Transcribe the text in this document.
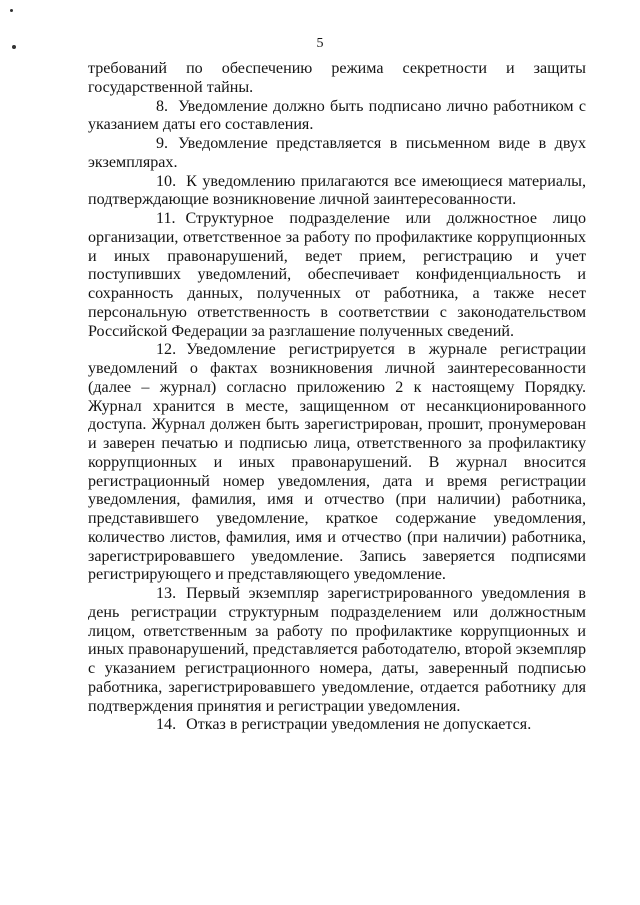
5

требований по обеспечению режима секретности и защиты государственной тайны.

8. Уведомление должно быть подписано лично работником с указанием даты его составления.

9. Уведомление представляется в письменном виде в двух экземплярах.

10. К уведомлению прилагаются все имеющиеся материалы, подтверждающие возникновение личной заинтересованности.

11. Структурное подразделение или должностное лицо организации, ответственное за работу по профилактике коррупционных и иных правонарушений, ведет прием, регистрацию и учет поступивших уведомлений, обеспечивает конфиденциальность и сохранность данных, полученных от работника, а также несет персональную ответственность в соответствии с законодательством Российской Федерации за разглашение полученных сведений.

12. Уведомление регистрируется в журнале регистрации уведомлений о фактах возникновения личной заинтересованности (далее – журнал) согласно приложению 2 к настоящему Порядку. Журнал хранится в месте, защищенном от несанкционированного доступа. Журнал должен быть зарегистрирован, прошит, пронумерован и заверен печатью и подписью лица, ответственного за профилактику коррупционных и иных правонарушений. В журнал вносится регистрационный номер уведомления, дата и время регистрации уведомления, фамилия, имя и отчество (при наличии) работника, представившего уведомление, краткое содержание уведомления, количество листов, фамилия, имя и отчество (при наличии) работника, зарегистрировавшего уведомление. Запись заверяется подписями регистрирующего и представляющего уведомление.

13. Первый экземпляр зарегистрированного уведомления в день регистрации структурным подразделением или должностным лицом, ответственным за работу по профилактике коррупционных и иных правонарушений, представляется работодателю, второй экземпляр с указанием регистрационного номера, даты, заверенный подписью работника, зарегистрировавшего уведомление, отдается работнику для подтверждения принятия и регистрации уведомления.

14. Отказ в регистрации уведомления не допускается.
